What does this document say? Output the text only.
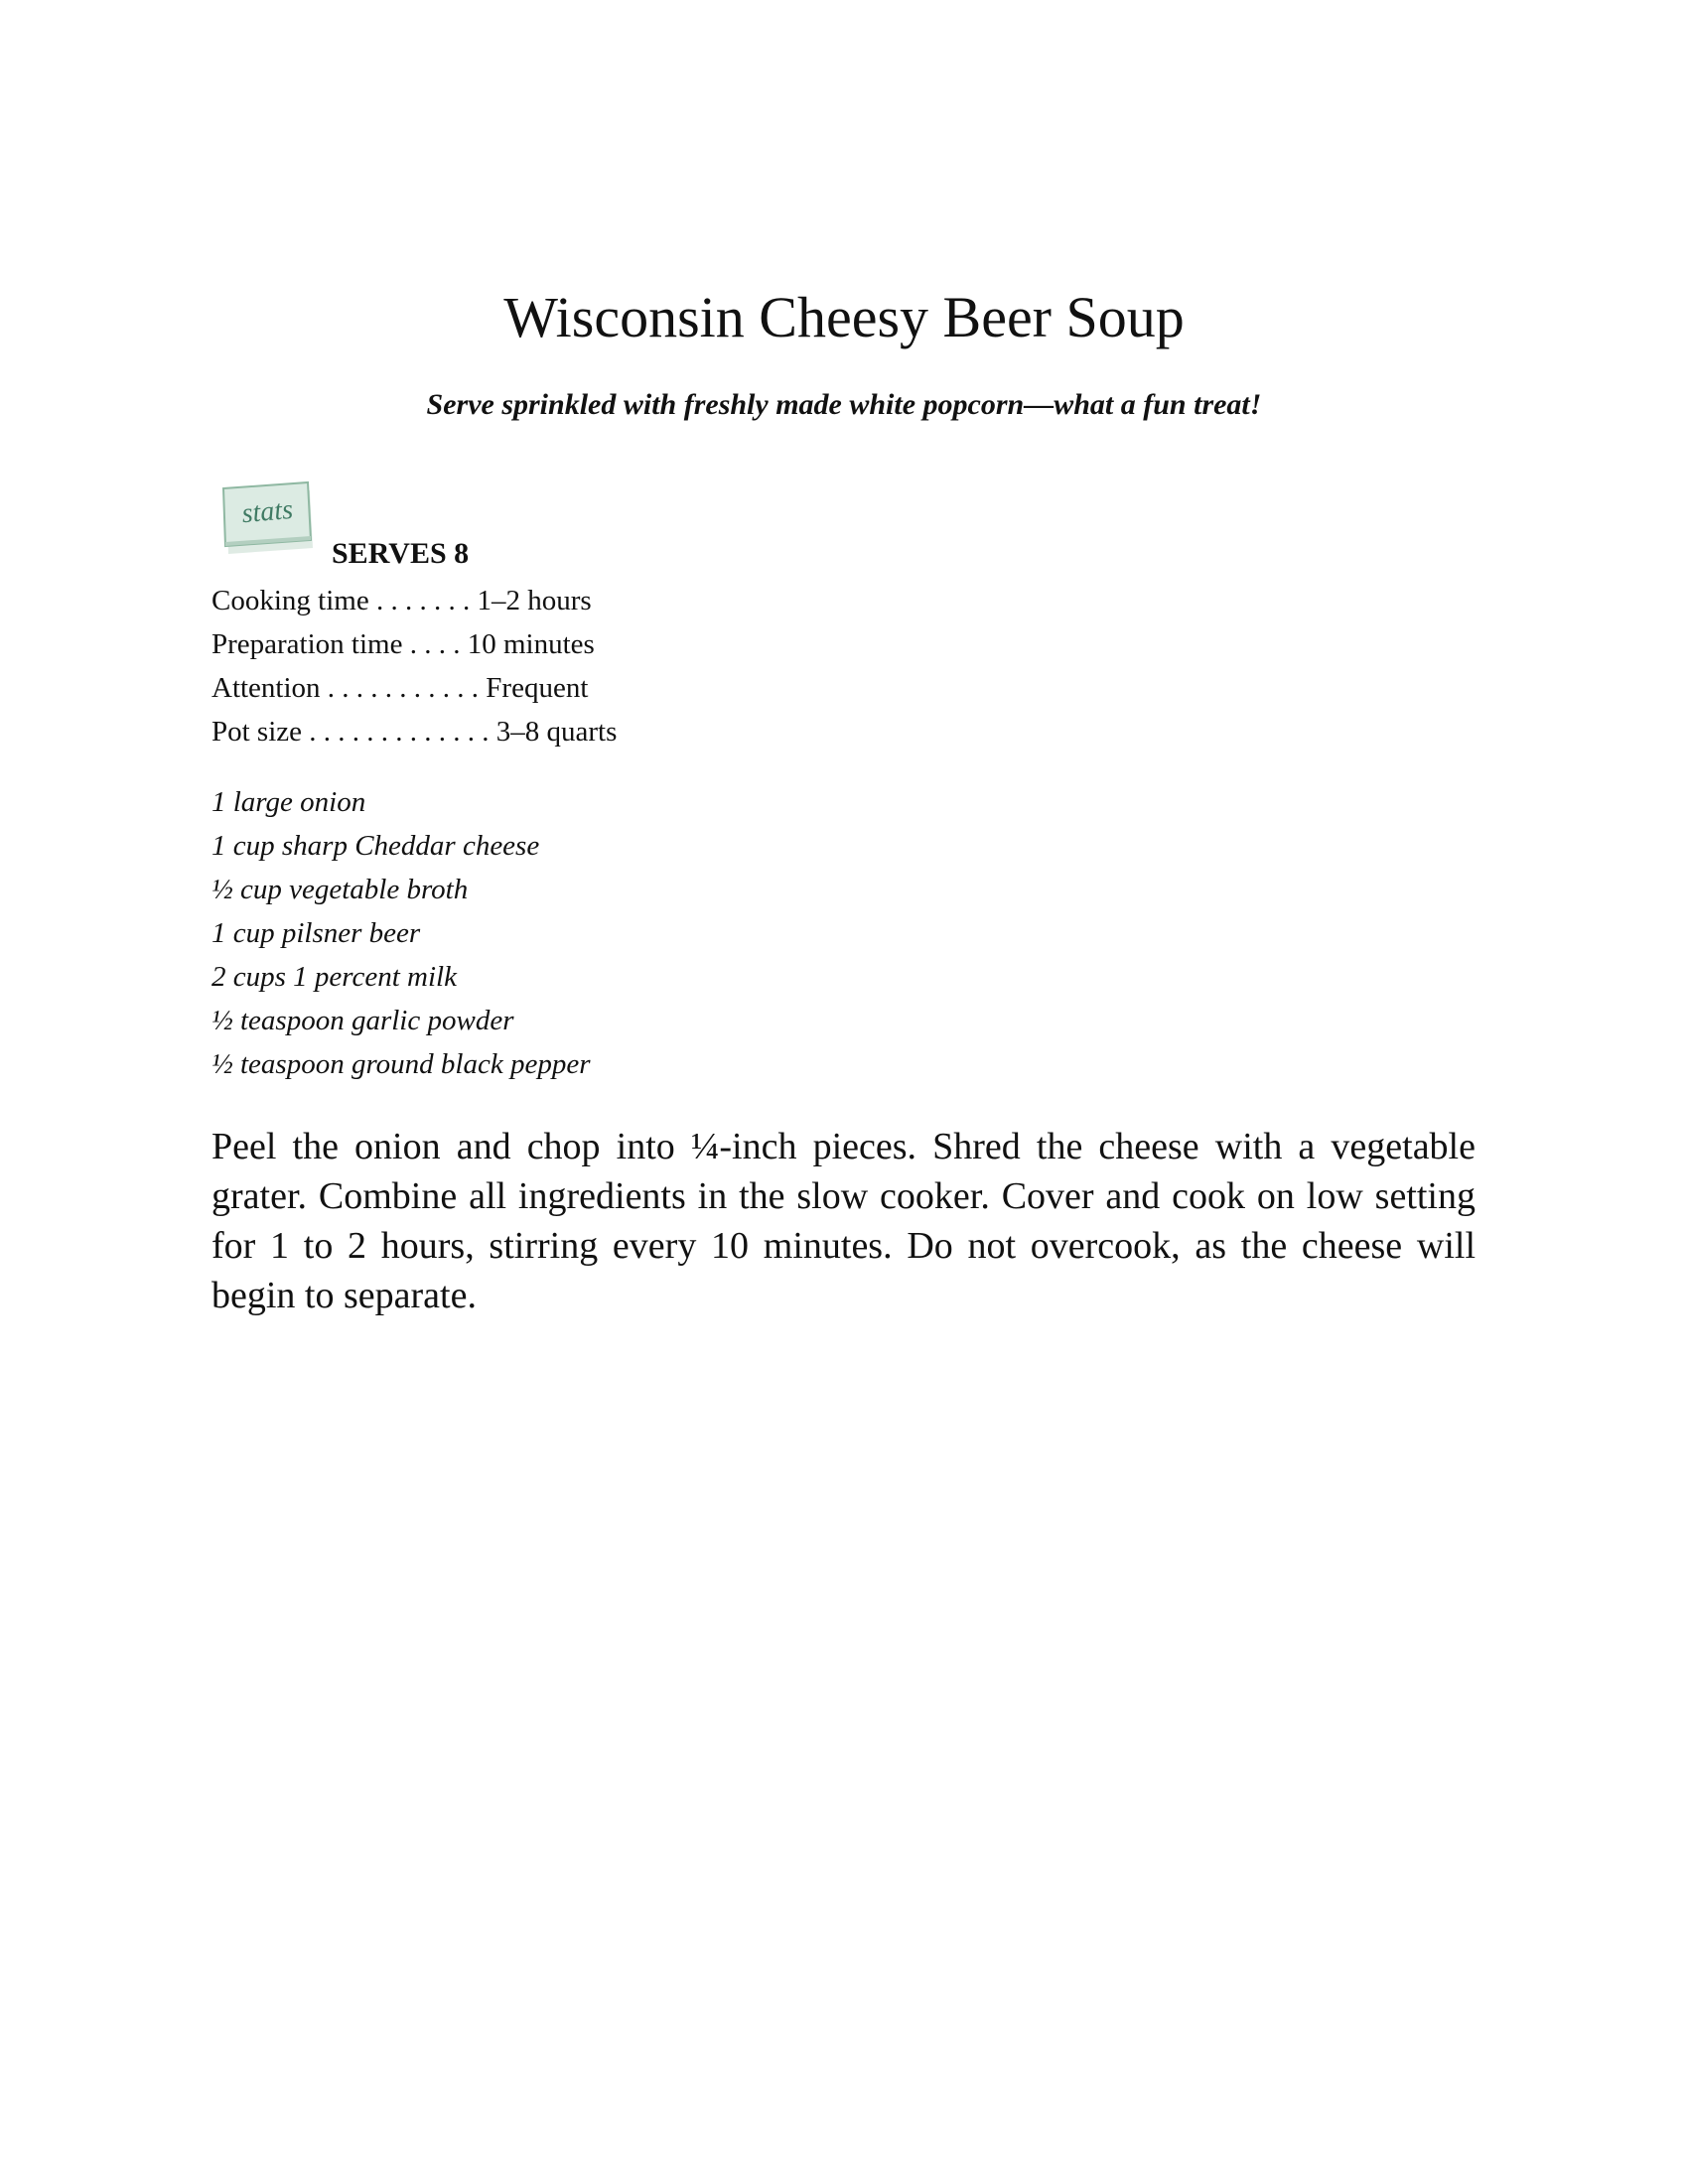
Wisconsin Cheesy Beer Soup

Serve sprinkled with freshly made white popcorn—what a fun treat!

stats

SERVES 8

Cooking time . . . . . . . 1–2 hours
Preparation time . . . . 10 minutes
Attention . . . . . . . . . . . Frequent
Pot size . . . . . . . . . . . . . 3–8 quarts
1 large onion
1 cup sharp Cheddar cheese
½ cup vegetable broth
1 cup pilsner beer
2 cups 1 percent milk
½ teaspoon garlic powder
½ teaspoon ground black pepper

Peel the onion and chop into ¼-inch pieces. Shred the cheese with a vegetable grater. Combine all ingredients in the slow cooker. Cover and cook on low setting for 1 to 2 hours, stirring every 10 minutes. Do not overcook, as the cheese will begin to separate.
